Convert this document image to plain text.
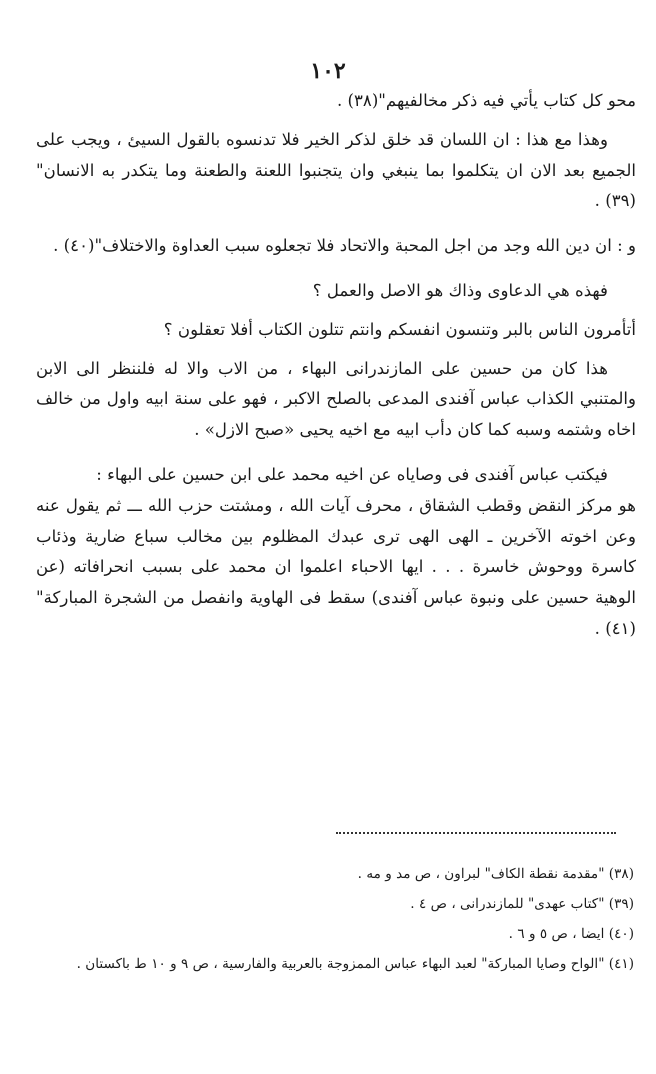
١٠٢

محو كل كتاب يأتي فيه ذكر مخالفيهم"(٣٨) .

وهذا مع هذا : ان اللسان قد خلق لذكر الخير فلا تدنسوه بالقول السيئ ، ويجب على الجميع بعد الان ان يتكلموا بما ينبغي وان يتجنبوا اللعنة والطعنة وما يتكدر به الانسان"(٣٩) .

و : ان دين الله وجد من اجل المحبة والاتحاد فلا تجعلوه سبب العداوة والاختلاف"(٤٠) .

فهذه هي الدعاوى وذاك هو الاصل والعمل ؟

أتأمرون الناس بالبر وتنسون انفسكم وانتم تتلون الكتاب أفلا تعقلون ؟

هذا كان من حسين على المازندرانى البهاء ، من الاب والا له فلننظر الى الابن والمتنبي الكذاب عباس آفندى المدعى بالصلح الاكبر ، فهو على سنة ابيه واول من خالف اخاه وشتمه وسبه كما كان دأب ابيه مع اخيه يحيى «صبح الازل» .

فيكتب عباس آفندى فى وصاياه عن اخيه محمد على ابن حسين على البهاء :

هو مركز النقض وقطب الشقاق ، محرف آيات الله ، ومشتت حزب الله ـــ ثم يقول عنه وعن اخوته الآخرين ـ الهى الهى ترى عبدك المظلوم بين مخالب سباع ضارية وذئاب كاسرة ووحوش خاسرة . . . ايها الاحباء اعلموا ان محمد على بسبب انحرافاته (عن الوهية حسين على ونبوة عباس آفندى) سقط فى الهاوية وانفصل من الشجرة المباركة"(٤١) .

(٣٨) "مقدمة نقطة الكاف" لبراون ، ص مد و مه .

(٣٩) "كتاب عهدى" للمازندرانى ، ص ٤ .

(٤٠) ايضا ، ص ٥ و ٦ .

(٤١) "الواح وصايا المباركة" لعبد البهاء عباس الممزوجة بالعربية والفارسية ، ص ٩ و ١٠ ط باكستان .
